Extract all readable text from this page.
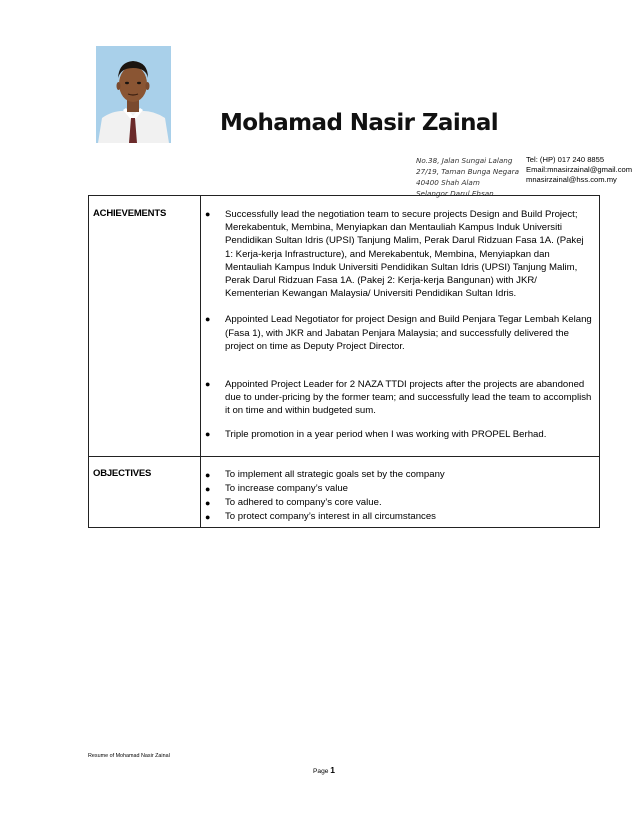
Mohamad Nasir Zainal
No.38, Jalan Sungai Lalang
27/19, Taman Bunga Negara
40400 Shah Alam
Selangor Darul Ehsan.
Tel: (HP) 017 240 8855
Email:mnasirzainal@gmail.com
mnasirzainal@hss.com.my
ACHIEVEMENTS	● Successfully lead the negotiation team to secure projects Design and Build Project; Merekabentuk, Membina, Menyiapkan dan Mentauliah Kampus Induk Universiti Pendidikan Sultan Idris (UPSI) Tanjung Malim, Perak Darul Ridzuan Fasa 1A. (Pakej 1: Kerja-kerja Infrastructure), and Merekabentuk, Membina, Menyiapkan dan Mentauliah Kampus Induk Universiti Pendidikan Sultan Idris (UPSI) Tanjung Malim, Perak Darul Ridzuan Fasa 1A. (Pakej 2: Kerja-kerja Bangunan) with JKR/ Kementerian Kewangan Malaysia/ Universiti Pendidikan Sultan Idris.
● Appointed Lead Negotiator for project Design and Build Penjara Tegar Lembah Kelang (Fasa 1), with JKR and Jabatan Penjara Malaysia; and successfully delivered the project on time as Deputy Project Director.
● Appointed Project Leader for 2 NAZA TTDI projects after the projects are abandoned due to under-pricing by the former team; and successfully lead the team to accomplish it on time and within budgeted sum.
● Triple promotion in a year period when I was working with PROPEL Berhad.
OBJECTIVES	● To implement all strategic goals set by the company
● To increase company’s value
● To adhered to company’s core value.
● To protect company’s interest in all circumstances
Resume of Mohamad Nasir Zainal
Page 1
